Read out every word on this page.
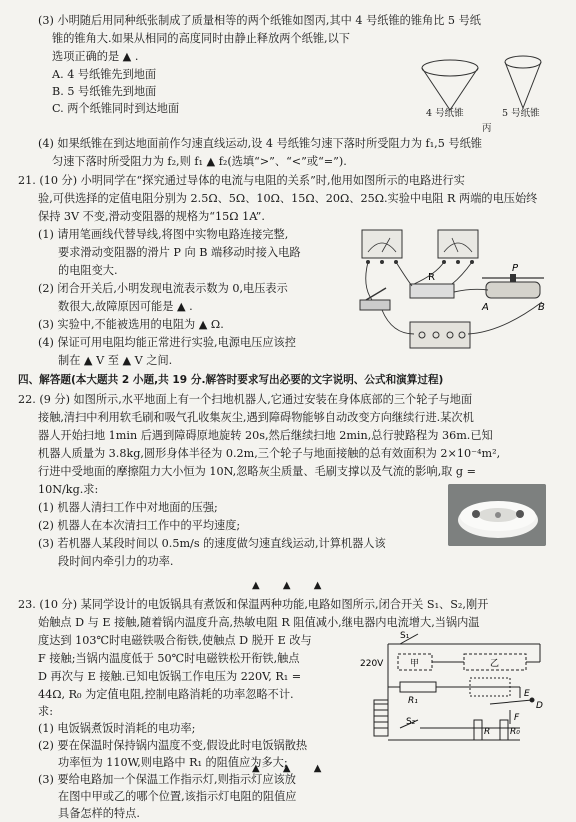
(3) 小明随后用同种纸张制成了质量相等的两个纸锥如图丙,其中 4 号纸锥的锥角比 5 号纸
锥的锥角大.如果从相同的高度同时由静止释放两个纸锥,以下
选项正确的是 ▲ .
A. 4 号纸锥先到地面
B. 5 号纸锥先到地面
C. 两个纸锥同时到达地面	4 号纸锥	5 号纸锥
丙
(4) 如果纸锥在到达地面前作匀速直线运动,设 4 号纸锥匀速下落时所受阻力为 f₁,5 号纸锥
匀速下落时所受阻力为 f₂,则 f₁ ▲ f₂(选填“>”、“<”或“=”).
21. (10 分) 小明同学在“探究通过导体的电流与电阻的关系”时,他用如图所示的电路进行实
验,可供选择的定值电阻分别为 2.5Ω、5Ω、10Ω、15Ω、20Ω、25Ω.实验中电阻 R 两端的电压始终
保持 3V 不变,滑动变阻器的规格为“15Ω 1A”.
(1) 请用笔画线代替导线,将图中实物电路连接完整,
要求滑动变阻器的滑片 P 向 B 端移动时接入电路
的电阻变大.
(2) 闭合开关后,小明发现电流表示数为 0,电压表示
数很大,故障原因可能是 ▲ .
(3) 实验中,不能被选用的电阻为 ▲ Ω.
(4) 保证可用电阻均能正常进行实验,电源电压应该控
制在 ▲ V 至 ▲ V 之间.
R
P
A	B
四、解答题(本大题共 2 小题,共 19 分.解答时要求写出必要的文字说明、公式和演算过程)
22. (9 分) 如图所示,水平地面上有一个扫地机器人,它通过安装在身体底部的三个轮子与地面
接触,清扫中利用软毛刷和吸气孔收集灰尘,遇到障碍物能够自动改变方向继续行进.某次机
器人开始扫地 1min 后遇到障碍原地旋转 20s,然后继续扫地 2min,总行驶路程为 36m.已知
机器人质量为 3.8kg,圆形身体半径为 0.2m,三个轮子与地面接触的总有效面积为 2×10⁻⁴m²,
行进中受地面的摩擦阻力大小恒为 10N,忽略灰尘质量、毛刷支撑以及气流的影响,取 g =
10N/kg.求:
(1) 机器人清扫工作中对地面的压强;
(2) 机器人在本次清扫工作中的平均速度;
(3) 若机器人某段时间以 0.5m/s 的速度做匀速直线运动,计算机器人该
段时间内牵引力的功率.
▲ ▲ ▲
23. (10 分) 某同学设计的电饭锅具有煮饭和保温两种功能,电路如图所示,闭合开关 S₁、S₂,刚开
始触点 D 与 E 接触,随着锅内温度升高,热敏电阻 R 阻值减小,继电器内电流增大,当锅内温
度达到 103℃时电磁铁吸合衔铁,使触点 D 脱开 E 改与
F 接触;当锅内温度低于 50℃时电磁铁松开衔铁,触点
D 再次与 E 接触.已知电饭锅工作电压为 220V, R₁ =
44Ω, R₀ 为定值电阻,控制电路消耗的功率忽略不计.
求:
(1) 电饭锅煮饭时消耗的电功率;
(2) 要在保温时保持锅内温度不变,假设此时电饭锅散热
功率恒为 110W,则电路中 R₁ 的阻值应为多大;
(3) 要给电路加一个保温工作指示灯,则指示灯应该放
在图中甲或乙的哪个位置,该指示灯电阻的阻值应
具备怎样的特点.
S₁
220V	甲	乙
R₁
E
D
F
S₂
R R₀
▲ ▲ ▲
